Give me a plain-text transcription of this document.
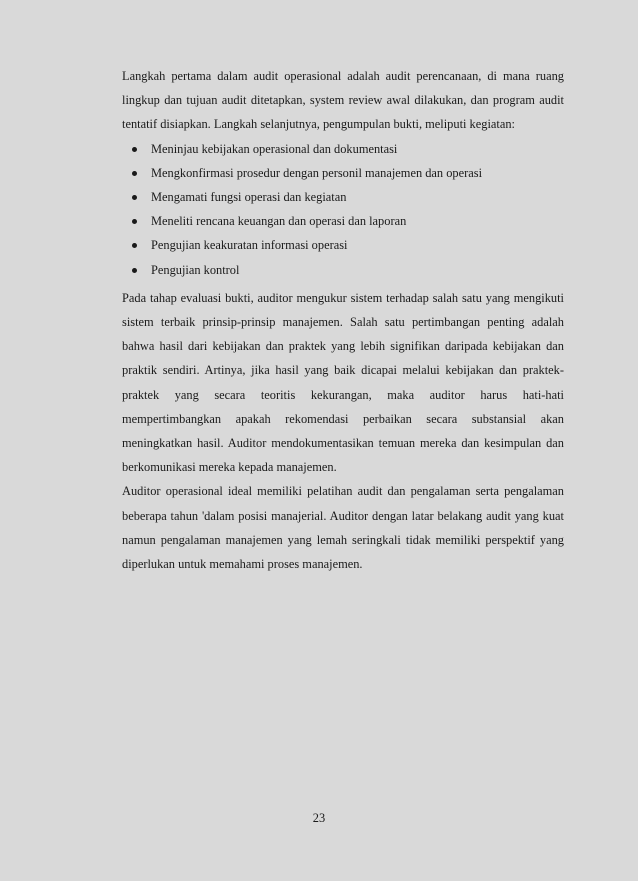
Langkah pertama dalam audit operasional adalah audit perencanaan, di mana ruang lingkup dan tujuan audit ditetapkan, system review awal dilakukan, dan program audit tentatif disiapkan. Langkah selanjutnya, pengumpulan bukti, meliputi kegiatan:

Meninjau kebijakan operasional dan dokumentasi
Mengkonfirmasi prosedur dengan personil manajemen dan operasi
Mengamati fungsi operasi dan kegiatan
Meneliti rencana keuangan dan operasi dan laporan
Pengujian keakuratan informasi operasi
Pengujian kontrol

Pada tahap evaluasi bukti, auditor mengukur sistem terhadap salah satu yang mengikuti sistem terbaik prinsip-prinsip manajemen. Salah satu pertimbangan penting adalah bahwa hasil dari kebijakan dan praktek yang lebih signifikan daripada kebijakan dan praktik sendiri. Artinya, jika hasil yang baik dicapai melalui kebijakan dan praktek-praktek yang secara teoritis kekurangan, maka auditor harus hati-hati mempertimbangkan apakah rekomendasi perbaikan secara substansial akan meningkatkan hasil. Auditor mendokumentasikan temuan mereka dan kesimpulan dan berkomunikasi mereka kepada manajemen.

Auditor operasional ideal memiliki pelatihan audit dan pengalaman serta pengalaman beberapa tahun 'dalam posisi manajerial. Auditor dengan latar belakang audit yang kuat namun pengalaman manajemen yang lemah seringkali tidak memiliki perspektif yang diperlukan untuk memahami proses manajemen.

23
